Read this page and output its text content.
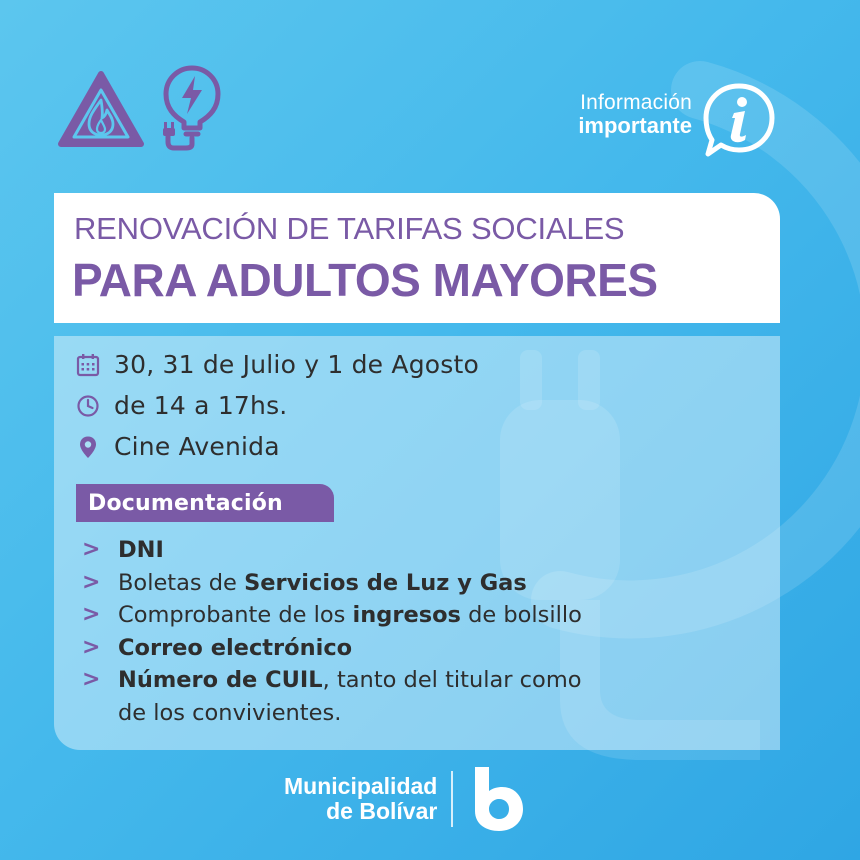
Información
importante
RENOVACIÓN DE TARIFAS SOCIALES
PARA ADULTOS MAYORES
30, 31 de Julio y 1 de Agosto
de 14 a 17hs.
Cine Avenida
Documentación
> DNI
> Boletas de Servicios de Luz y Gas
> Comprobante de los ingresos de bolsillo
> Correo electrónico
> Número de CUIL, tanto del titular como
de los convivientes.
Municipalidad
de Bolívar
